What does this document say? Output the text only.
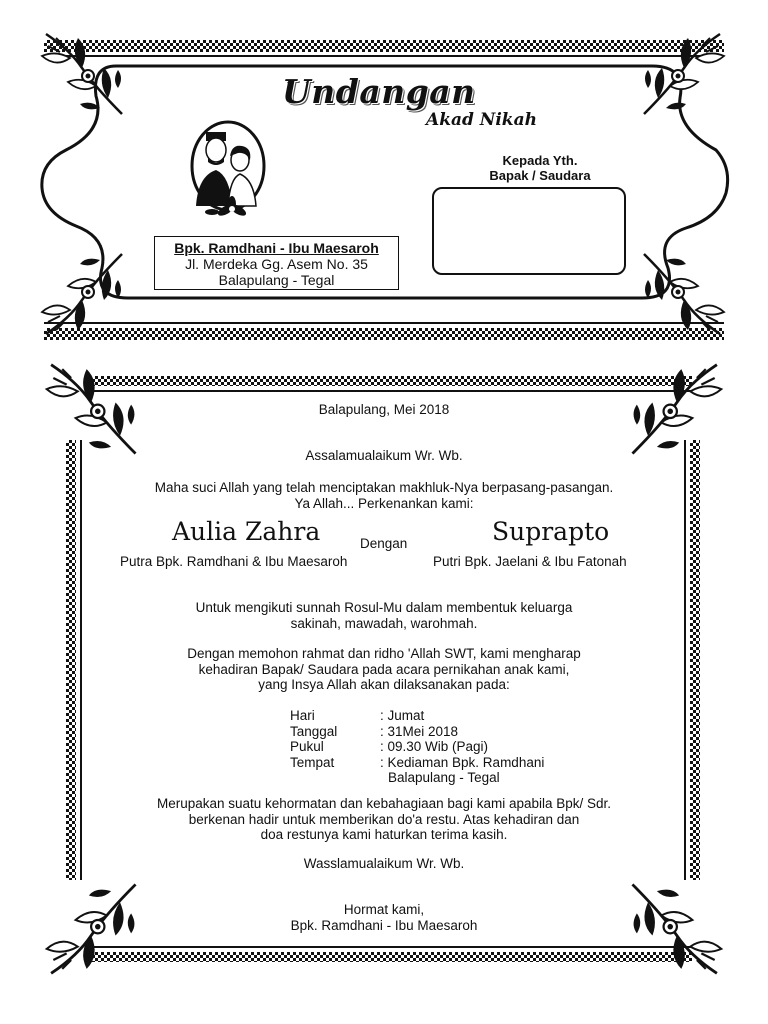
Undangan
Akad Nikah
Bpk. Ramdhani - Ibu Maesaroh
Jl. Merdeka Gg. Asem No. 35
Balapulang - Tegal
Kepada Yth.
Bapak / Saudara

Balapulang, Mei 2018

Assalamualaikum Wr. Wb.

Maha suci Allah yang telah menciptakan makhluk-Nya berpasang-pasangan.
Ya Allah... Perkenankan kami:

Aulia Zahra	Dengan	Suprapto
Putra Bpk. Ramdhani & Ibu Maesaroh	Putri Bpk. Jaelani & Ibu Fatonah

Untuk mengikuti sunnah Rosul-Mu dalam membentuk keluarga
sakinah, mawadah, warohmah.

Dengan memohon rahmat dan ridho 'Allah SWT, kami mengharap
kehadiran Bapak/ Saudara pada acara pernikahan anak kami,
yang Insya Allah akan dilaksanakan pada:

Hari	: Jumat
Tanggal	: 31Mei 2018
Pukul	: 09.30 Wib (Pagi)
Tempat	: Kediaman Bpk. Ramdhani
Balapulang - Tegal

Merupakan suatu kehormatan dan kebahagiaan bagi kami apabila Bpk/ Sdr.
berkenan hadir untuk memberikan do'a restu. Atas kehadiran dan
doa restunya kami haturkan terima kasih.

Wasslamualaikum Wr. Wb.

Hormat kami,
Bpk. Ramdhani - Ibu Maesaroh
